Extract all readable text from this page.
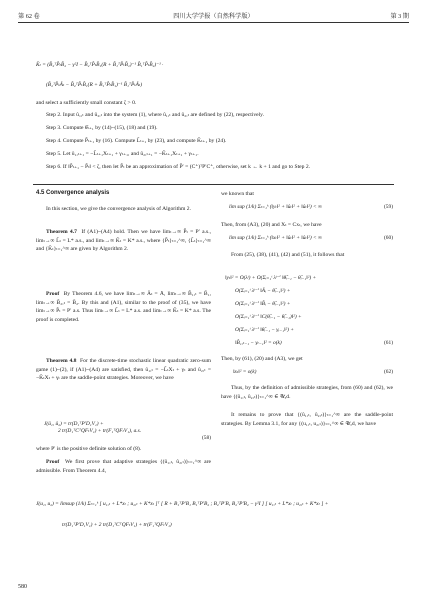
第 62 卷	四川大学学报（自然科学版）	第 3 期
K̂ₜ = (B̂₂ᵀP̂ₜB̂₂ − γ²I − B̂₂ᵀP̂ₜB̂₁(R + B̂₁ᵀP̂ₜB̂₁)⁻¹ B̂₁ᵀP̂ₜB̂₂)⁻¹ ·
(B̂₂ᵀP̂ₜÂₜ − B̂₂ᵀP̂ₜB̂₁(R + B̂₁ᵀP̂ₜB̂₁)⁻¹ B̂₁ᵀP̂ₜÂₜ)
and select a sufficiently small constant ζ > 0.
Step 2. Input û₁,ₜ and û₂,ₜ into the system (1), where û₁,ₜ and û₂,ₜ are defined by (22), respectively.
Step 3. Compute θ̂ₜ₊₁ by (14)~(15), (18) and (19).
Step 4. Compute P̂ₜ₊₁ by (16). Compute L̂ₜ₊₁ by (23), and compute K̂ₜ₊₁ by (24).
Step 5. Let û₁,ₜ₊₁ = −L̂ₜ₊₁Xₜ₊₁ + γₜ₊₁, and û₂,ₜ₊₁ = −K̂ₜ₊₁Xₜ₊₁ + γₜ₊₁.
Step 6. If ‖P̂ₜ₊₁ − P̂ₜ‖ < ζ, then let P̂ₜ be an approximation of P̂′ = (C⁺)ᵀP′C⁺, otherwise, set k ← k + 1 and go to Step 2.
4.5 Convergence analysis
In this section, we give the convergence analysis of Algorithm 2.
Theorem 4.7 If (A1)~(A4) hold. Then we have limₜ→∞ P̂ₜ = P′ a.s., limₜ→∞ L̂ₜ = L* a.s., and limₜ→∞ K̂ₜ = K* a.s., where {P̂ₜ}ₜ₌₁^∞, {L̂ₜ}ₜ₌₁^∞ and {K̂ₜ}ₜ₌₁^∞ are given by Algorithm 2.
Proof By Theorem 4.6, we have limₜ→∞ Âₜ = Ā, limₜ→∞ B̂₁,ₜ = B̄₁, limₜ→∞ B̂₂,ₜ = B̄₂. By this and (A1), similar to the proof of (35), we have limₜ→∞ P̂ₜ = P′ a.s. Thus limₜ→∞ L̂ₜ = L* a.s. and limₜ→∞ K̂ₜ = K* a.s. The proof is completed.
Theorem 4.8 For the discrete-time stochastic linear quadratic zero-sum game (1)~(2), if (A1)~(A4) are satisfied, then û₁,ₜ = −L̂ₜXₜ + γₜ and û₂,ₜ = −K̂ₜXₜ + γₜ are the saddle-point strategies. Moreover, we have
J(û₁, û₂) = tr(D₁ᵀP′D₁V₁) +
2 tr(D₁ᵀCᵀQFₜV₁) + tr(F₁ᵀQFₜV₁), a.s.
(58)
where P′ is the positive definite solution of (8).
Proof We first prove that adaptive strategies {(û₁,ₜ, û₂,ₜ)}ₜ₌₁^∞ are admissible. From Theorem 4.4,
we known that
lim sup (1/k) Σₜ₌₁ᵏ (‖yₜ‖² + ‖ûₜ‖² + ‖ûₜ‖²) < ∞	(59)
Then, from (A3), (20) and Xₜ = Cxₜ, we have
lim sup (1/k) Σₜ₌₁ᵏ (‖xₜ‖² + ‖ûₜ‖² + ‖ûₜ‖²) < ∞	(60)
From (25), (38), (41), (42) and (51), it follows that
‖yₜ‖² = O(λᵗ) + O(Σᵢ₌₁ᵗ λᵗ⁻ⁱ ‖θ̃ᵢ₋₁ − θ̂ᵢ₋₁‖²) +
O(Σᵢ₌₁ᵗ λᵗ⁻ⁱ ‖Âᵢ − θ̂ᵢ₋₁‖²) +
O(Σᵢ₌₁ᵗ λᵗ⁻ⁱ ‖B̂ᵢ − θ̂ᵢ₋₁‖²) +
O(Σᵢ₌₁ᵗ λᵗ⁻ⁱ ‖C(θ̂ᵢ₋₁ − θ̂ᵢ₋₁)‖²) +
O(Σᵢ₌₁ᵗ λᵗ⁻ⁱ ‖θ̂ᵢ₋₁ − γᵢ₋₁‖²) +
‖B̂₁,ₜ₋₁ − γₜ₋₁‖² = o(k)	(61)
Then, by (61), (20) and (A3), we get
‖xₜ‖² = o(k)	(62)
Thus, by the definition of admissible strategies, from (60) and (62), we have {(û₁,ₜ, û₂,ₜ)}ₜ₌₁^∞ ∈ 𝒰ₐd.
It remains to prove that {(û₁,ₜ, û₂,ₜ)}ₜ₌₁^∞ are the saddle-point strategies. By Lemma 3.1, for any {(u₁,ₜ, u₂,ₜ)}ₜ₌₁^∞ ∈ 𝒰ₐd, we have
J(u₁, u₂) = limsup (1/k) Σₜ₌₁ᵏ [ u₁,ₜ + L*xₜ ; u₂,ₜ + K*xₜ ]ᵀ [ R + B₁ᵀP′B₁ B₁ᵀP′B₂ ; B₂ᵀP′B₁ B₂ᵀP′B₂ − γ²I ] [ u₁,ₜ + L*xₜ ; u₂,ₜ + K*xₜ ] +
tr(D₁ᵀP′D₁V₁) + 2 tr(D₁ᵀCᵀQFₜV₁) + tr(F₁ᵀQFₜV₁)
580
